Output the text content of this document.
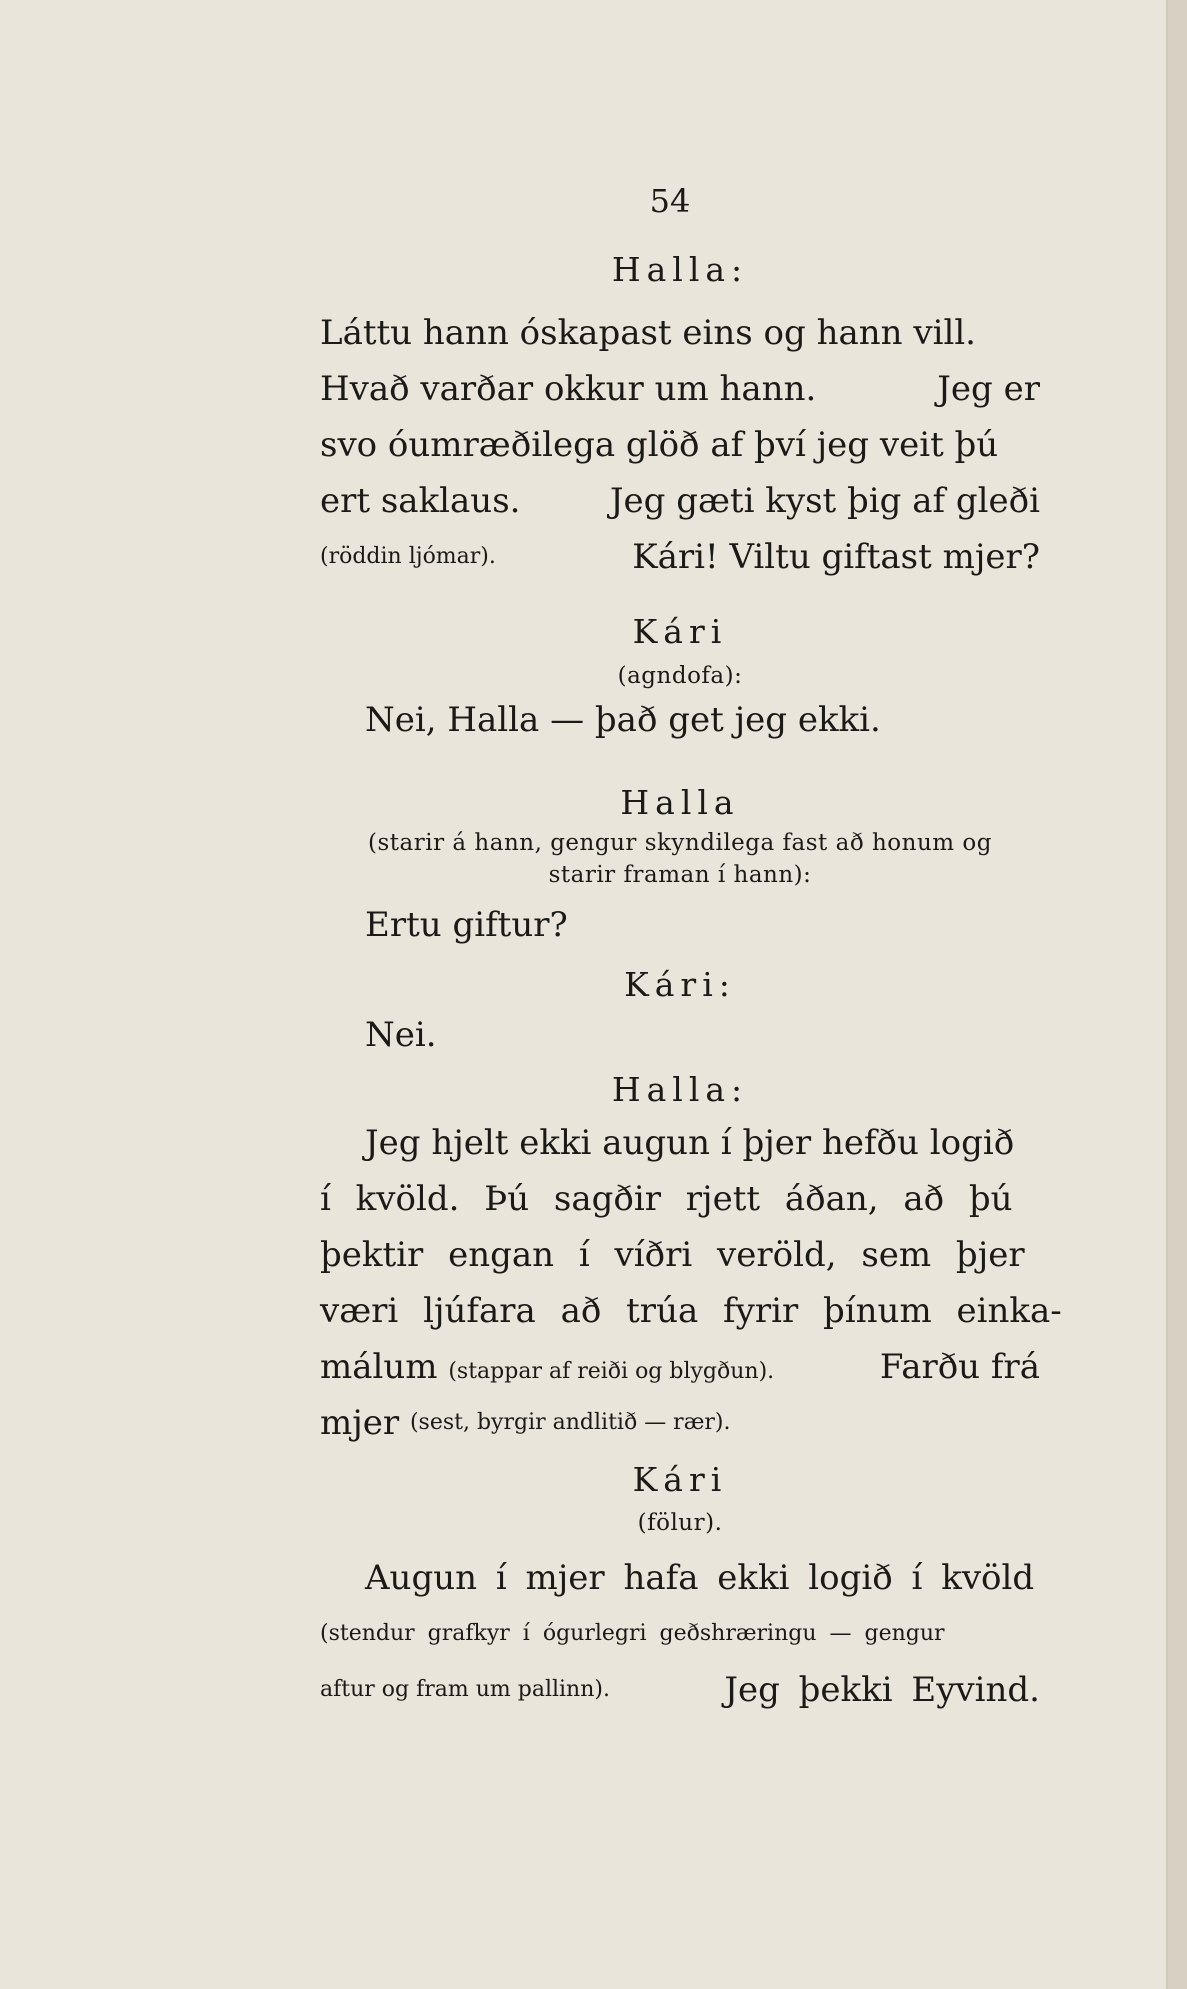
54
Halla:
Láttu hann óskapast eins og hann vill.
Hvað varðar okkur um hann.	Jeg er
svo óumræðilega glöð af því jeg veit þú
ert saklaus.	Jeg gæti kyst þig af gleði
(röddin ljómar).	Kári! Viltu giftast mjer?
Kári
(agndofa):
Nei, Halla — það get jeg ekki.
Halla
(starir á hann, gengur skyndilega fast að honum og
starir framan í hann):
Ertu giftur?
Kári:
Nei.
Halla:
Jeg hjelt ekki augun í þjer hefðu logið
í kvöld. Þú sagðir rjett áðan, að þú
þektir engan í víðri veröld, sem þjer
væri ljúfara að trúa fyrir þínum einka-
málum (stappar af reiði og blygðun).	Farðu frá
mjer
(sest, byrgir andlitið — rær).
Kári
(fölur).
Augun í mjer hafa ekki logið í kvöld
(stendur grafkyr í ógurlegri geðshræringu — gengur
aftur og fram um pallinn).	Jeg þekki Eyvind.
